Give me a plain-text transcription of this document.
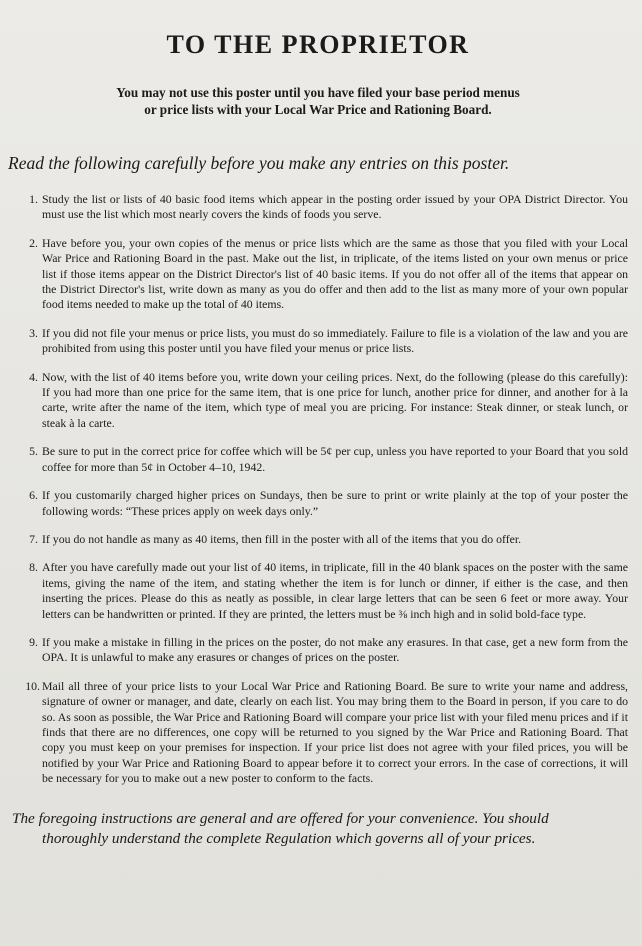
TO THE PROPRIETOR
You may not use this poster until you have filed your base period menus
or price lists with your Local War Price and Rationing Board.
Read the following carefully before you make any entries on this poster.
1. Study the list or lists of 40 basic food items which appear in the posting order issued by your OPA District Director. You must use the list which most nearly covers the kinds of foods you serve.
2. Have before you, your own copies of the menus or price lists which are the same as those that you filed with your Local War Price and Rationing Board in the past. Make out the list, in triplicate, of the items listed on your own menus or price list if those items appear on the District Director's list of 40 basic items. If you do not offer all of the items that appear on the District Director's list, write down as many as you do offer and then add to the list as many more of your own popular food items needed to make up the total of 40 items.
3. If you did not file your menus or price lists, you must do so immediately. Failure to file is a violation of the law and you are prohibited from using this poster until you have filed your menus or price lists.
4. Now, with the list of 40 items before you, write down your ceiling prices. Next, do the following (please do this carefully): If you had more than one price for the same item, that is one price for lunch, another price for dinner, and another for à la carte, write after the name of the item, which type of meal you are pricing. For instance: Steak dinner, or steak lunch, or steak à la carte.
5. Be sure to put in the correct price for coffee which will be 5¢ per cup, unless you have reported to your Board that you sold coffee for more than 5¢ in October 4–10, 1942.
6. If you customarily charged higher prices on Sundays, then be sure to print or write plainly at the top of your poster the following words: “These prices apply on week days only.”
7. If you do not handle as many as 40 items, then fill in the poster with all of the items that you do offer.
8. After you have carefully made out your list of 40 items, in triplicate, fill in the 40 blank spaces on the poster with the same items, giving the name of the item, and stating whether the item is for lunch or dinner, if either is the case, and then inserting the prices. Please do this as neatly as possible, in clear large letters that can be seen 6 feet or more away. Your letters can be handwritten or printed. If they are printed, the letters must be ⅜ inch high and in solid bold-face type.
9. If you make a mistake in filling in the prices on the poster, do not make any erasures. In that case, get a new form from the OPA. It is unlawful to make any erasures or changes of prices on the poster.
10. Mail all three of your price lists to your Local War Price and Rationing Board. Be sure to write your name and address, signature of owner or manager, and date, clearly on each list. You may bring them to the Board in person, if you care to do so. As soon as possible, the War Price and Rationing Board will compare your price list with your filed menu prices and if it finds that there are no differences, one copy will be returned to you signed by the War Price and Rationing Board. That copy you must keep on your premises for inspection. If your price list does not agree with your filed prices, you will be notified by your War Price and Rationing Board to appear before it to correct your errors. In the case of corrections, it will be necessary for you to make out a new poster to conform to the facts.
The foregoing instructions are general and are offered for your convenience. You should
thoroughly understand the complete Regulation which governs all of your prices.
